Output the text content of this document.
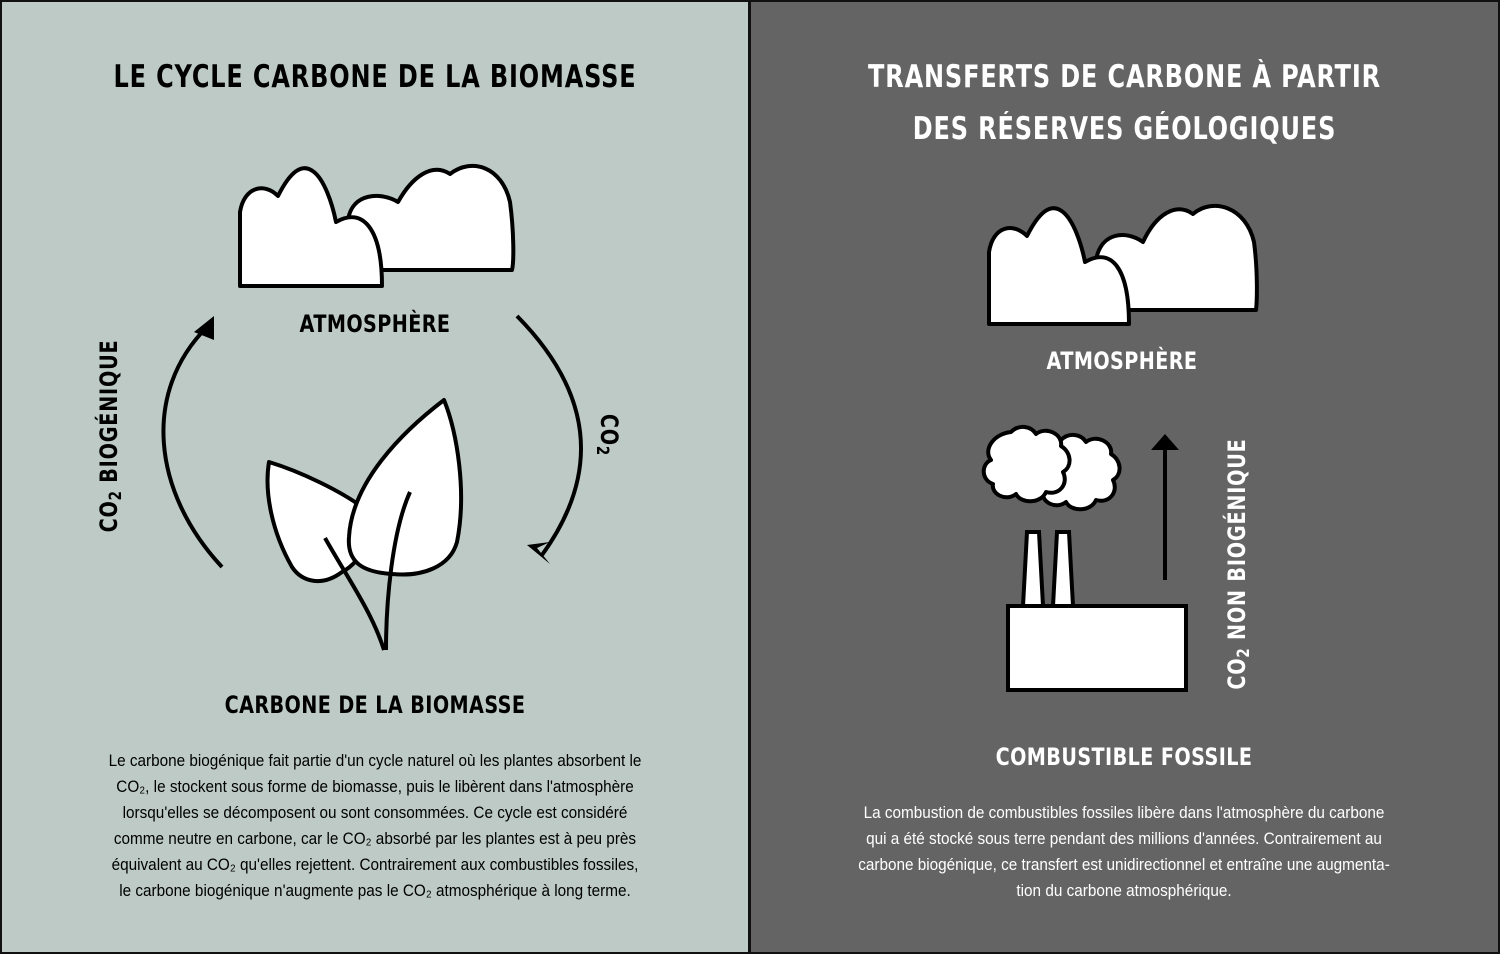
LE CYCLE CARBONE DE LA BIOMASSE
ATMOSPHÈRE
$CO_2$ BIOGÉNIQUE	$CO_2$
CARBONE DE LA BIOMASSE
Le carbone biogénique fait partie d'un cycle naturel où les plantes absorbent le
CO₂, le stockent sous forme de biomasse, puis le libèrent dans l'atmosphère
lorsqu'elles se décomposent ou sont consommées. Ce cycle est considéré
comme neutre en carbone, car le CO₂ absorbé par les plantes est à peu près
équivalent au CO₂ qu'elles rejettent. Contrairement aux combustibles fossiles,
le carbone biogénique n'augmente pas le CO₂ atmosphérique à long terme.
TRANSFERTS DE CARBONE À PARTIR
DES RÉSERVES GÉOLOGIQUES
ATMOSPHÈRE
$CO_2$ NON BIOGÉNIQUE
COMBUSTIBLE FOSSILE
La combustion de combustibles fossiles libère dans l'atmosphère du carbone
qui a été stocké sous terre pendant des millions d'années. Contrairement au
carbone biogénique, ce transfert est unidirectionnel et entraîne une augmenta-
tion du carbone atmosphérique.
